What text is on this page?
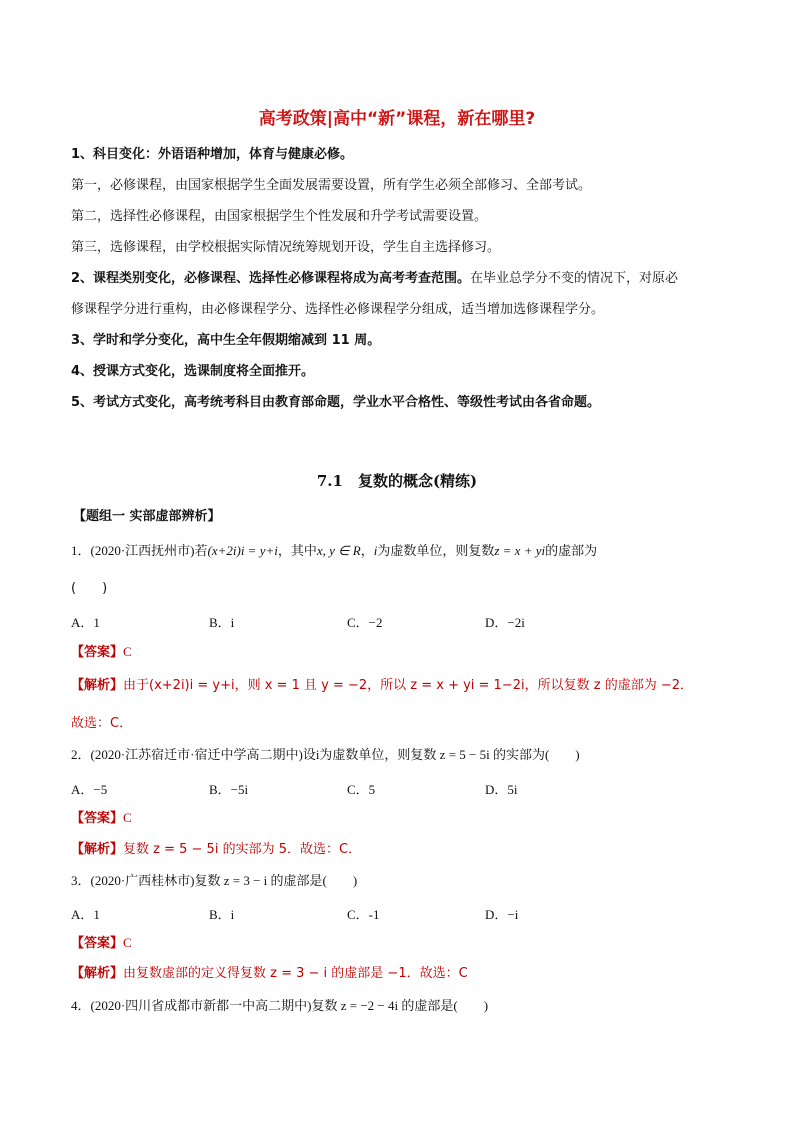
高考政策|高中“新”课程，新在哪里?
1、科目变化：外语语种增加，体育与健康必修。
第一，必修课程，由国家根据学生全面发展需要设置，所有学生必须全部修习、全部考试。
第二，选择性必修课程，由国家根据学生个性发展和升学考试需要设置。
第三，选修课程，由学校根据实际情况统筹规划开设，学生自主选择修习。
2、课程类别变化，必修课程、选择性必修课程将成为高考考查范围。在毕业总学分不变的情况下，对原必
修课程学分进行重构，由必修课程学分、选择性必修课程学分组成，适当增加选修课程学分。
3、学时和学分变化，高中生全年假期缩减到 11 周。
4、授课方式变化，选课制度将全面推开。
5、考试方式变化，高考统考科目由教育部命题，学业水平合格性、等级性考试由各省命题。
7.1　复数的概念(精练)
【题组一 实部虚部辨析】
1．(2020·江西抚州市)若(x+2i)i = y+i，其中x, y ∈ R，i为虚数单位，则复数z = x + yi的虚部为
(　　)
A．1	B．i	C．−2	D．−2i
【答案】C
【解析】由于(x+2i)i = y+i，则 x = 1 且 y = −2，所以 z = x + yi = 1−2i，所以复数 z 的虚部为 −2．
故选：C．
2．(2020·江苏宿迁市·宿迁中学高二期中)设i为虚数单位，则复数 z = 5 − 5i 的实部为(　　)
A．−5	B．−5i	C．5	D．5i
【答案】C
【解析】复数 z = 5 − 5i 的实部为 5．故选：C．
3．(2020·广西桂林市)复数 z = 3 − i 的虚部是(　　)
A．1	B．i	C．-1	D．−i
【答案】C
【解析】由复数虚部的定义得复数 z = 3 − i 的虚部是 −1．故选：C
4．(2020·四川省成都市新都一中高二期中)复数 z = −2 − 4i 的虚部是(　　)
